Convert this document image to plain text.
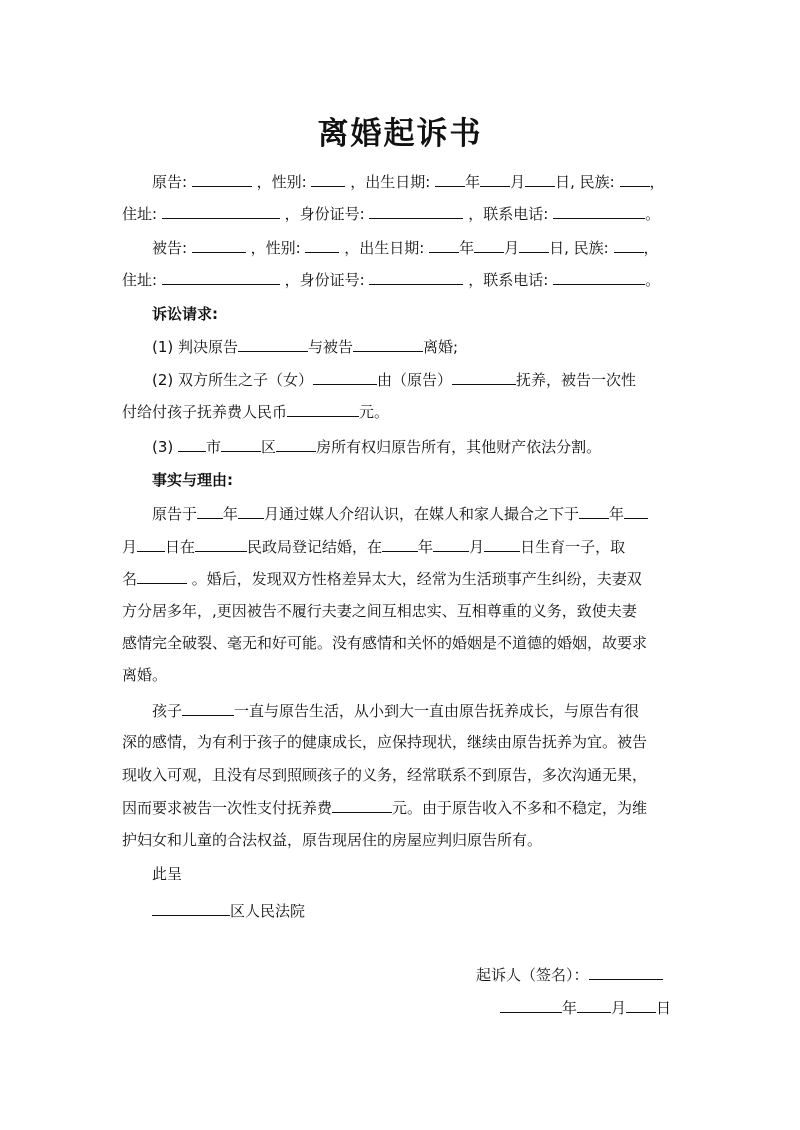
离婚起诉书
原告:	，性别:	，出生日期: 年 月 日, 民族: ，
住址:	，身份证号:	，联系电话:	。
被告:	，性别:	，出生日期: 年 月 日, 民族: ，
住址:	，身份证号:	，联系电话:	。
诉讼请求:
(1) 判决原告	与被告	离婚;
(2) 双方所生之子（女）	由（原告）	抚养，被告一次性
付给付孩子抚养费人民币	元。
(3) 市	区	房所有权归原告所有，其他财产依法分割。
事实与理由:
原告于 年 月通过媒人介绍认识，在媒人和家人撮合之下于 年
月 日在	民政局登记结婚，在 年 月 日生育一子，取
名	。婚后，发现双方性格差异太大，经常为生活琐事产生纠纷，夫妻双
方分居多年，,更因被告不履行夫妻之间互相忠实、互相尊重的义务，致使夫妻
感情完全破裂、毫无和好可能。没有感情和关怀的婚姻是不道德的婚姻，故要求
离婚。
孩子	一直与原告生活，从小到大一直由原告抚养成长，与原告有很
深的感情，为有利于孩子的健康成长，应保持现状，继续由原告抚养为宜。被告
现收入可观，且没有尽到照顾孩子的义务，经常联系不到原告，多次沟通无果，
因而要求被告一次性支付抚养费	元。由于原告收入不多和不稳定，为维
护妇女和儿童的合法权益，原告现居住的房屋应判归原告所有。
此呈
区人民法院
起诉人（签名）：
年 月 日
